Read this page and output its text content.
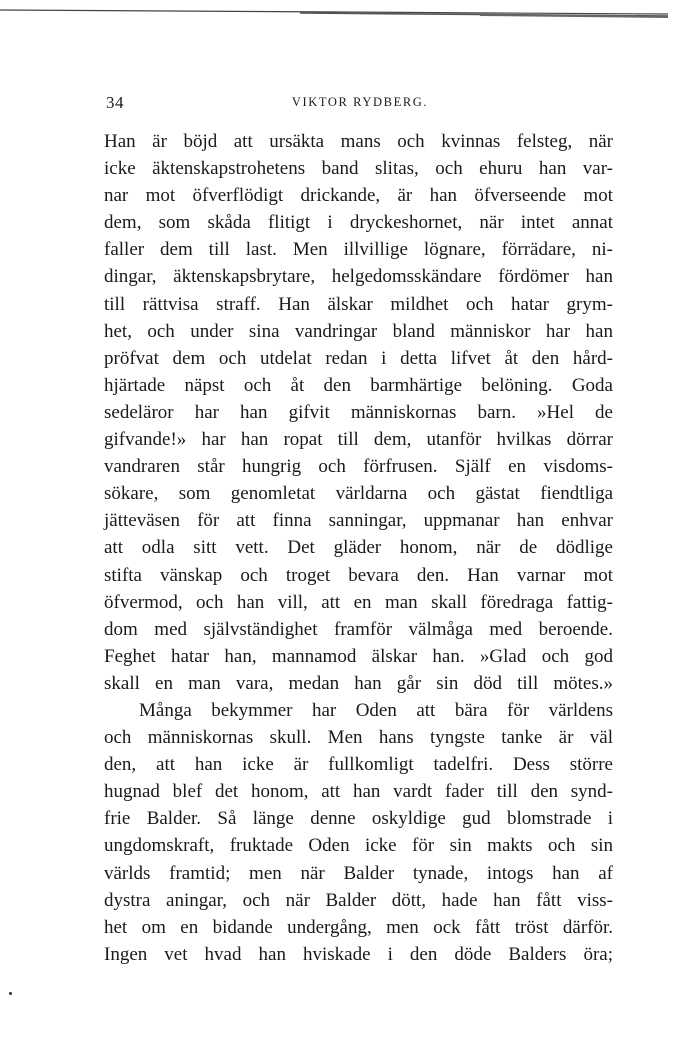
34	VIKTOR RYDBERG.
Han är böjd att ursäkta mans och kvinnas felsteg, när
icke äktenskapstrohetens band slitas, och ehuru han var-
nar mot öfverflödigt drickande, är han öfverseende mot
dem, som skåda flitigt i dryckeshornet, när intet annat
faller dem till last. Men illvillige lögnare, förrädare, ni-
dingar, äktenskapsbrytare, helgedomsskändare fördömer han
till rättvisa straff. Han älskar mildhet och hatar grym-
het, och under sina vandringar bland människor har han
pröfvat dem och utdelat redan i detta lifvet åt den hård-
hjärtade näpst och åt den barmhärtige belöning. Goda
sedeläror har han gifvit människornas barn. »Hel de
gifvande!» har han ropat till dem, utanför hvilkas dörrar
vandraren står hungrig och förfrusen. Själf en visdoms-
sökare, som genomletat världarna och gästat fiendtliga
jätteväsen för att finna sanningar, uppmanar han enhvar
att odla sitt vett. Det gläder honom, när de dödlige
stifta vänskap och troget bevara den. Han varnar mot
öfvermod, och han vill, att en man skall föredraga fattig-
dom med självständighet framför välmåga med beroende.
Feghet hatar han, mannamod älskar han. »Glad och god
skall en man vara, medan han går sin död till mötes.»
Många bekymmer har Oden att bära för världens
och människornas skull. Men hans tyngste tanke är väl
den, att han icke är fullkomligt tadelfri. Dess större
hugnad blef det honom, att han vardt fader till den synd-
frie Balder. Så länge denne oskyldige gud blomstrade i
ungdomskraft, fruktade Oden icke för sin makts och sin
världs framtid; men när Balder tynade, intogs han af
dystra aningar, och när Balder dött, hade han fått viss-
het om en bidande undergång, men ock fått tröst därför.
Ingen vet hvad han hviskade i den döde Balders öra;
